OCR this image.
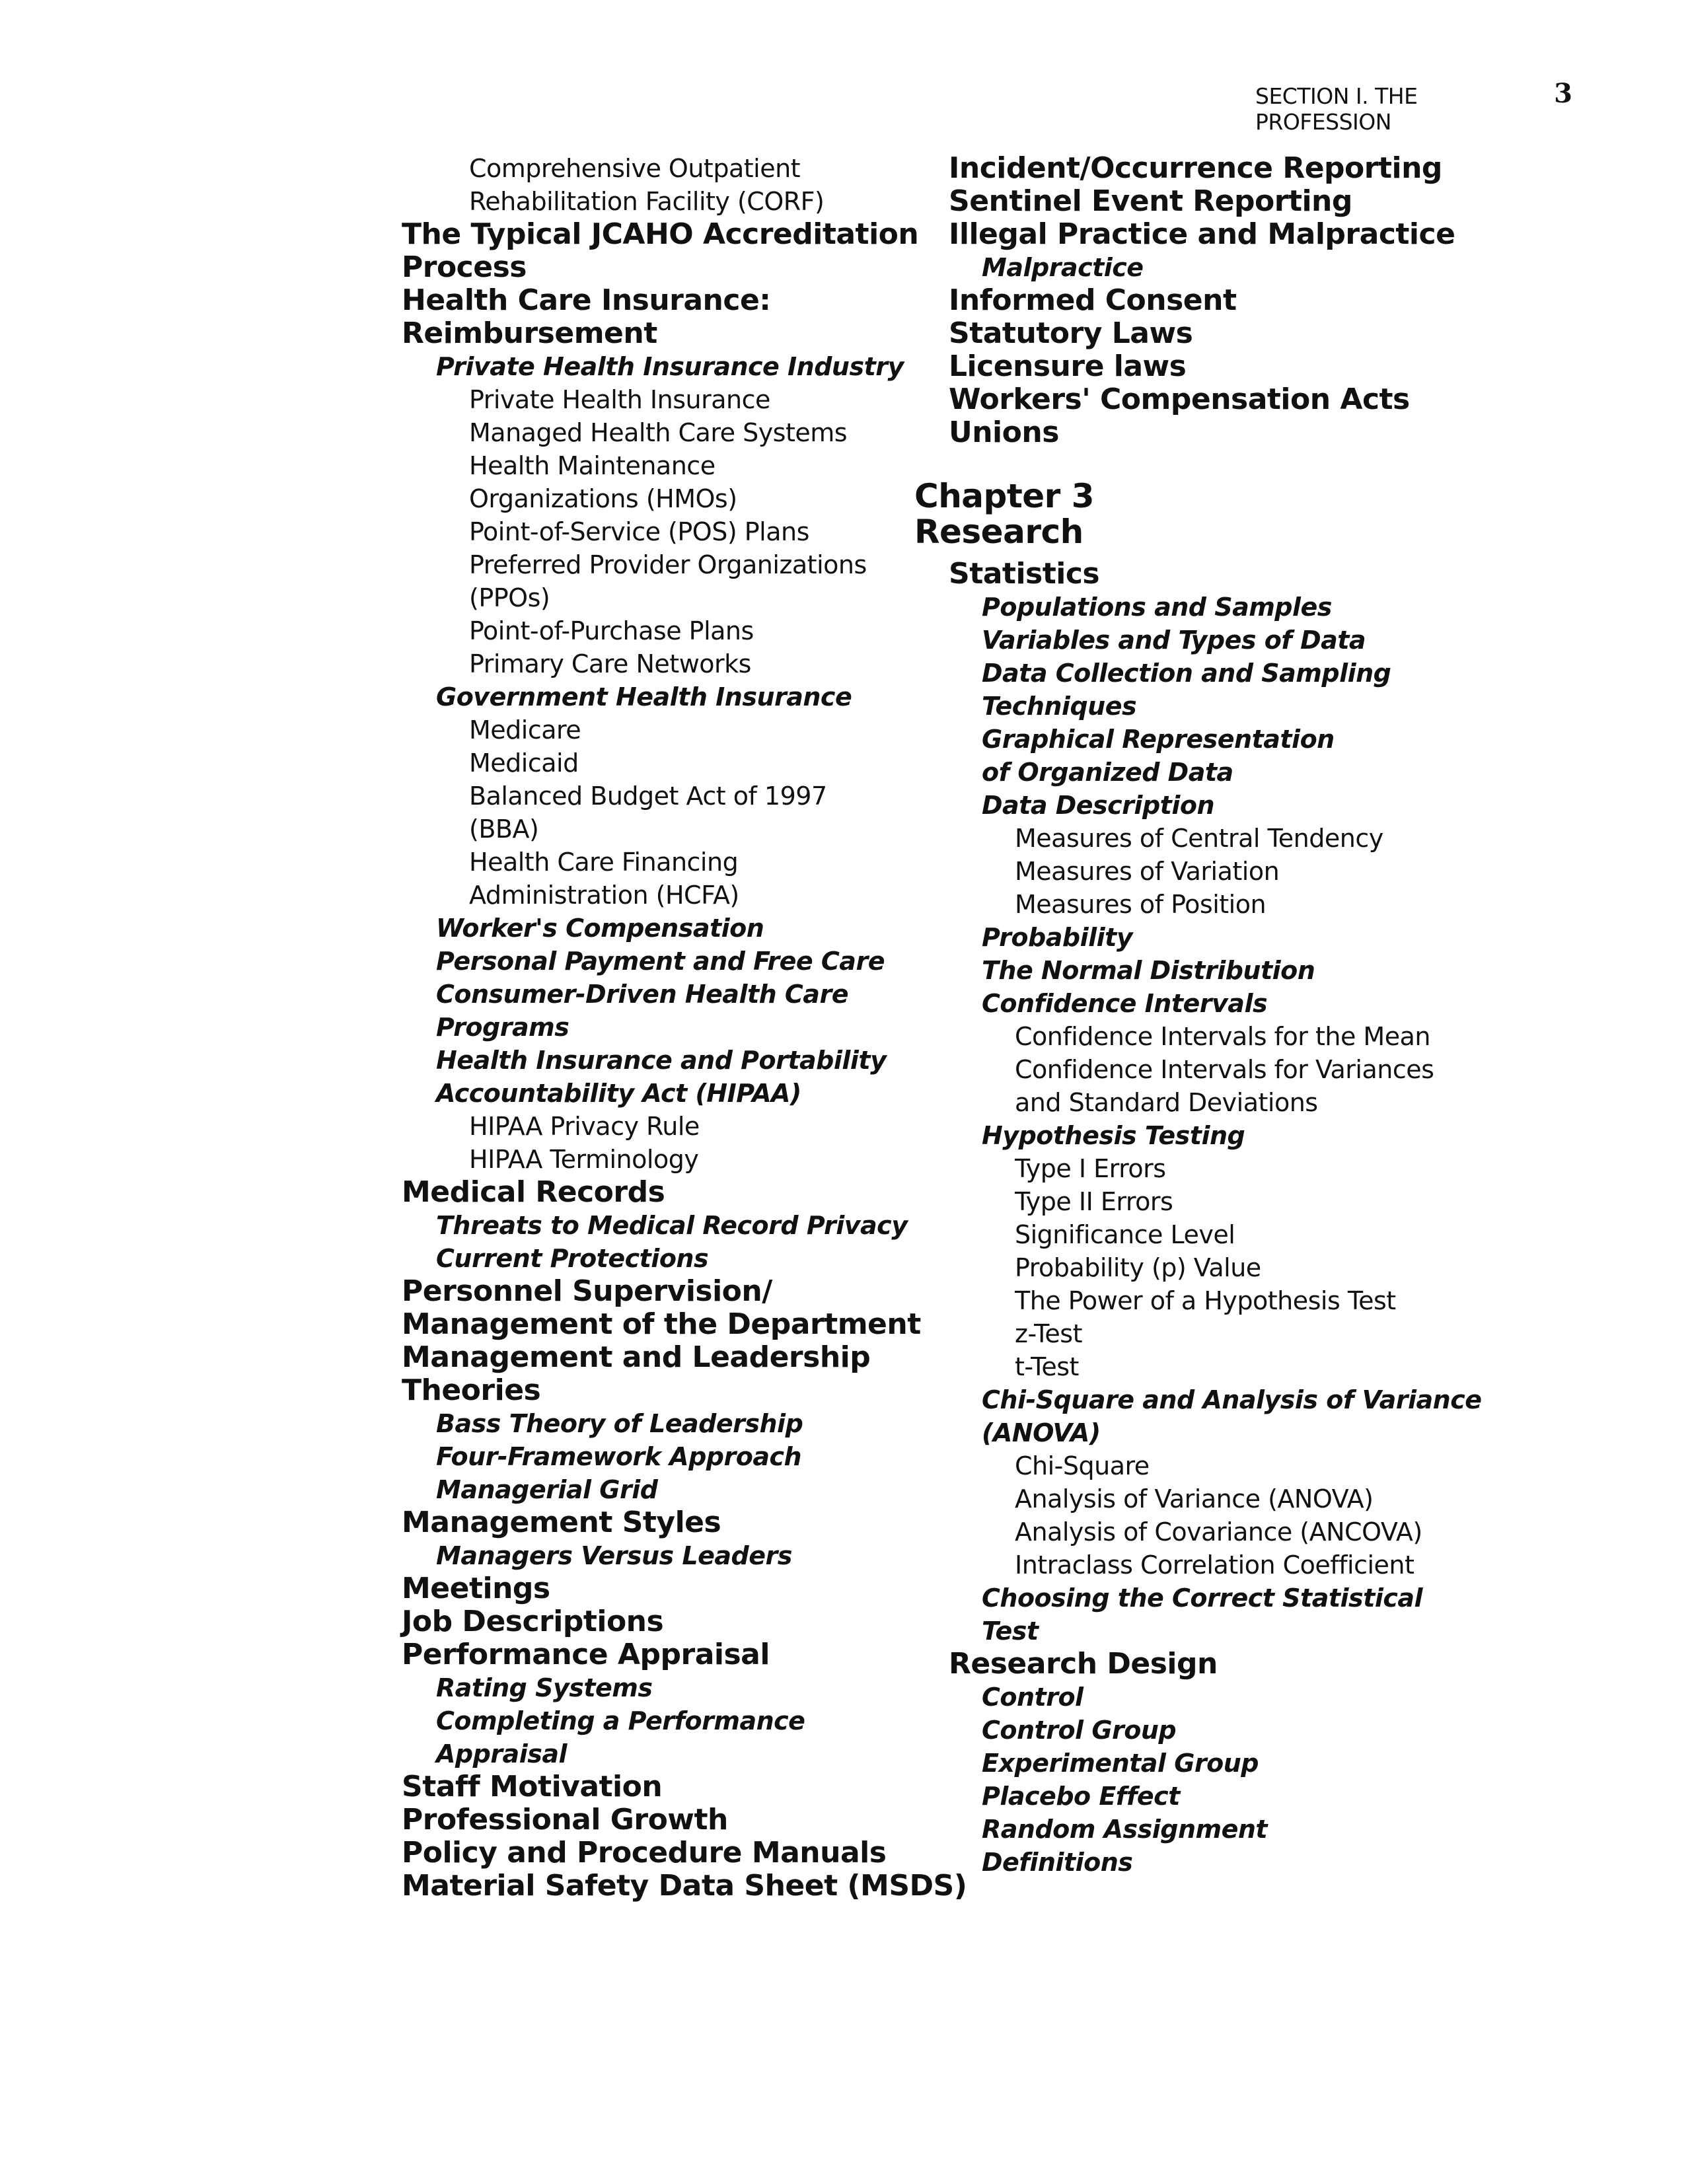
SECTION I. THE PROFESSION
3
Comprehensive Outpatient
Rehabilitation Facility (CORF)
The Typical JCAHO Accreditation
Process
Health Care Insurance:
Reimbursement
Private Health Insurance Industry
Private Health Insurance
Managed Health Care Systems
Health Maintenance
Organizations (HMOs)
Point-of-Service (POS) Plans
Preferred Provider Organizations
(PPOs)
Point-of-Purchase Plans
Primary Care Networks
Government Health Insurance
Medicare
Medicaid
Balanced Budget Act of 1997
(BBA)
Health Care Financing
Administration (HCFA)
Worker's Compensation
Personal Payment and Free Care
Consumer-Driven Health Care
Programs
Health Insurance and Portability
Accountability Act (HIPAA)
HIPAA Privacy Rule
HIPAA Terminology
Medical Records
Threats to Medical Record Privacy
Current Protections
Personnel Supervision/
Management of the Department
Management and Leadership
Theories
Bass Theory of Leadership
Four-Framework Approach
Managerial Grid
Management Styles
Managers Versus Leaders
Meetings
Job Descriptions
Performance Appraisal
Rating Systems
Completing a Performance
Appraisal
Staff Motivation
Professional Growth
Policy and Procedure Manuals
Material Safety Data Sheet (MSDS)
Incident/Occurrence Reporting
Sentinel Event Reporting
Illegal Practice and Malpractice
Malpractice
Informed Consent
Statutory Laws
Licensure laws
Workers' Compensation Acts
Unions
Chapter 3
Research
Statistics
Populations and Samples
Variables and Types of Data
Data Collection and Sampling
Techniques
Graphical Representation
of Organized Data
Data Description
Measures of Central Tendency
Measures of Variation
Measures of Position
Probability
The Normal Distribution
Confidence Intervals
Confidence Intervals for the Mean
Confidence Intervals for Variances
and Standard Deviations
Hypothesis Testing
Type I Errors
Type II Errors
Significance Level
Probability (p) Value
The Power of a Hypothesis Test
z-Test
t-Test
Chi-Square and Analysis of Variance
(ANOVA)
Chi-Square
Analysis of Variance (ANOVA)
Analysis of Covariance (ANCOVA)
Intraclass Correlation Coefficient
Choosing the Correct Statistical
Test
Research Design
Control
Control Group
Experimental Group
Placebo Effect
Random Assignment
Definitions
